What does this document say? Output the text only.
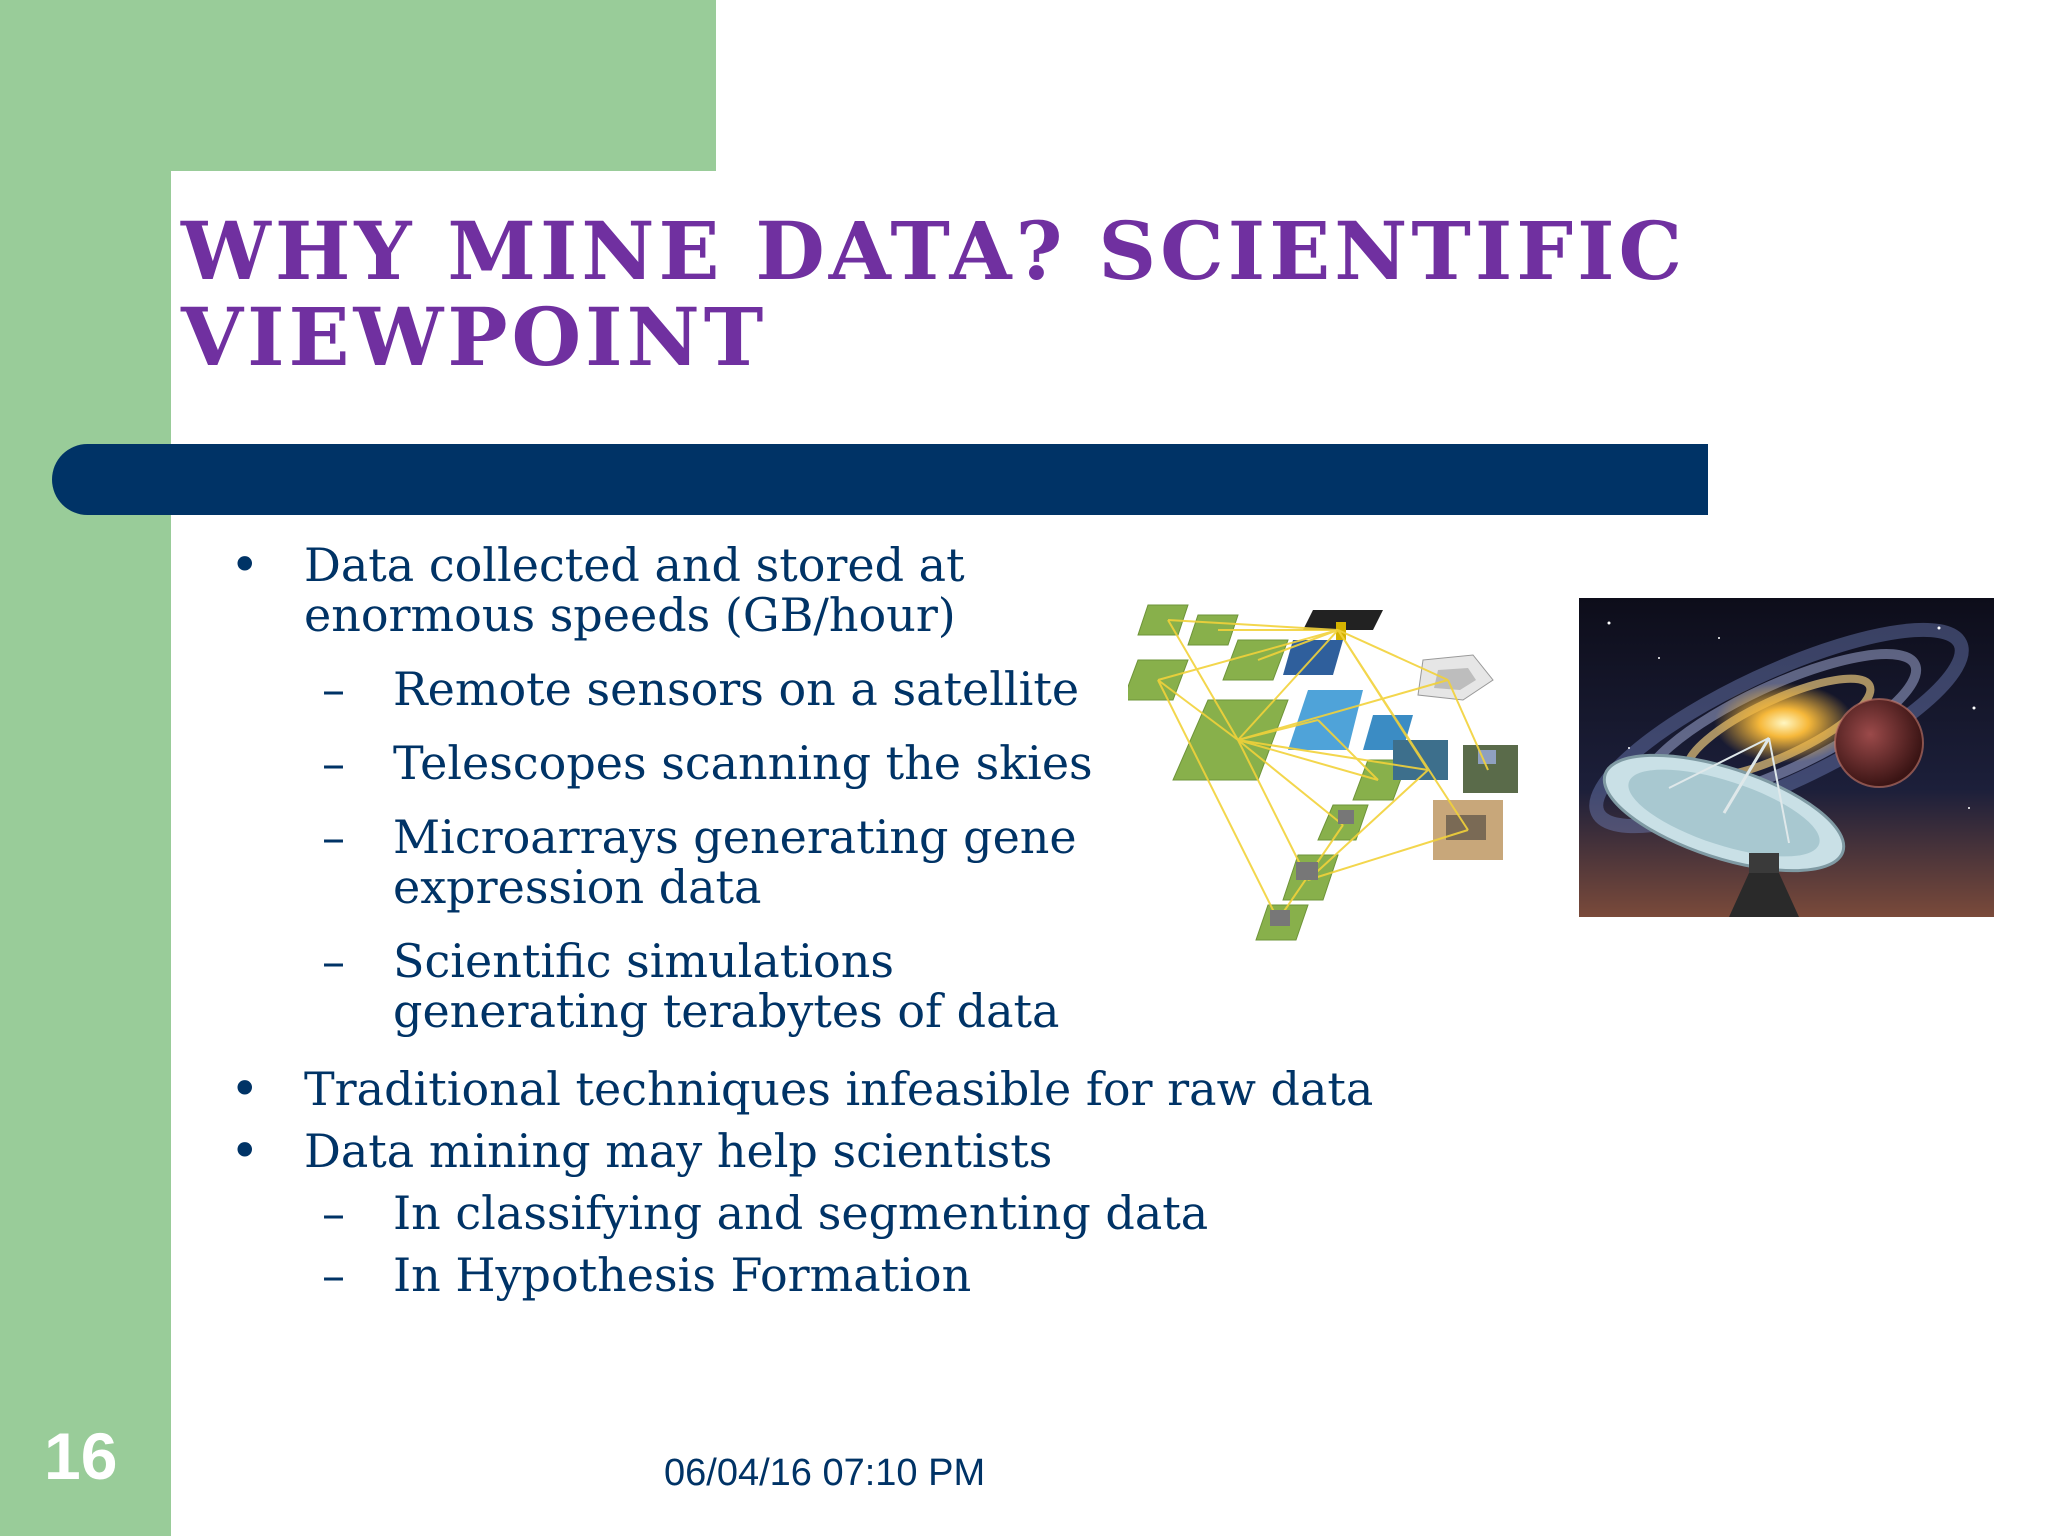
WHY MINE DATA? SCIENTIFIC VIEWPOINT
• Data collected and stored at enormous speeds (GB/hour)
– Remote sensors on a satellite
– Telescopes scanning the skies
– Microarrays generating gene expression data
– Scientific simulations generating terabytes of data
• Traditional techniques infeasible for raw data
• Data mining may help scientists
– In classifying and segmenting data
– In Hypothesis Formation
16	06/04/16 07:10 PM
